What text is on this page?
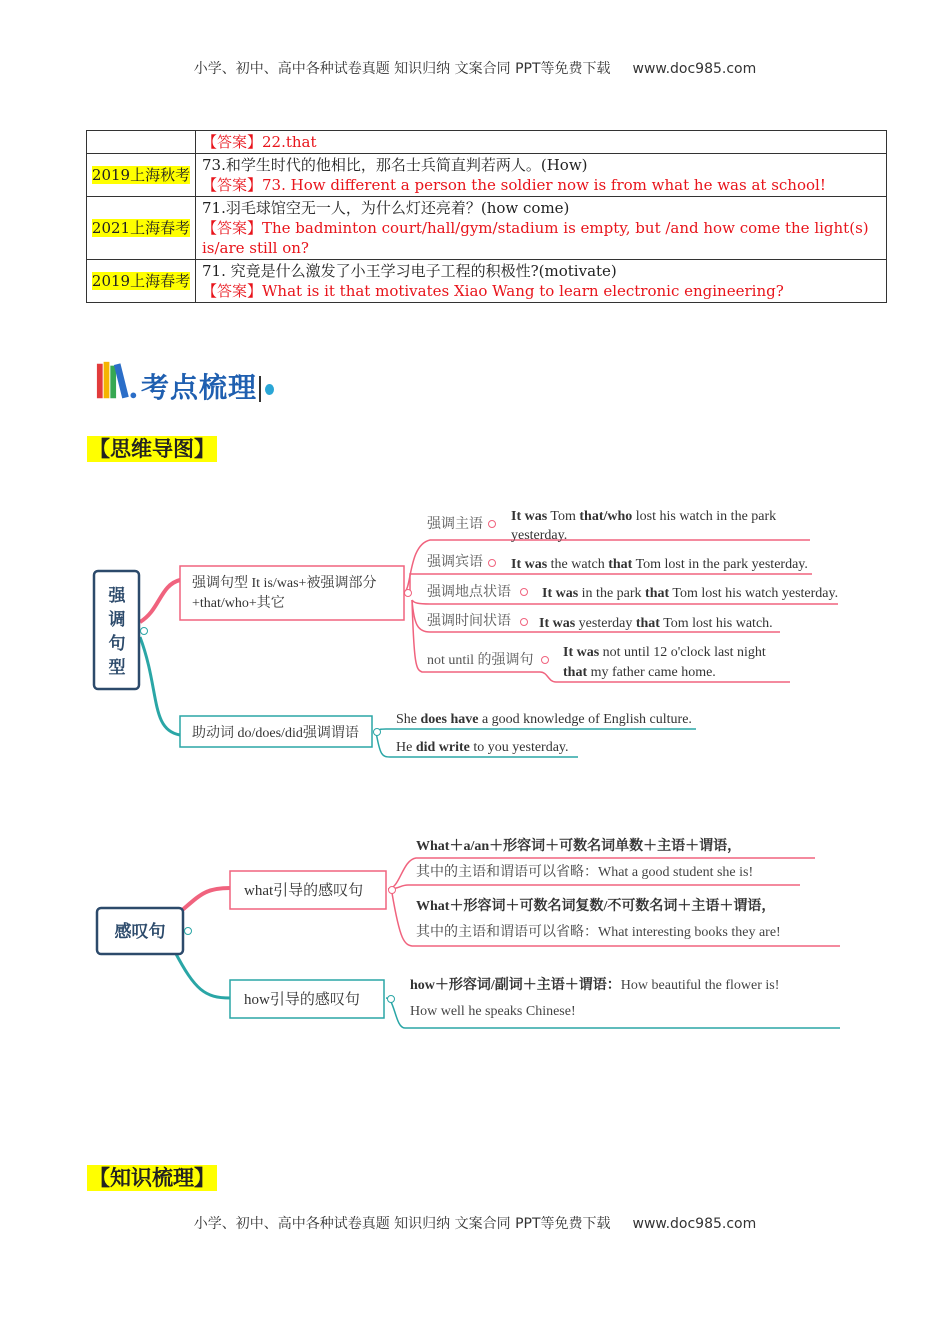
小学、初中、高中各种试卷真题 知识归纳 文案合同 PPT等免费下载 www.doc985.com

	【答案】22.that

2019上海秋考	73.和学生时代的他相比，那名士兵简直判若两人。(How)
【答案】73. How different a person the soldier now is from what he was at school!

2021上海春考	71.羽毛球馆空无一人，为什么灯还亮着？(how come)
【答案】The badminton court/hall/gym/stadium is empty, but /and how come the light(s) is/are still on?

2019上海春考	71. 究竟是什么激发了小王学习电子工程的积极性?(motivate)
【答案】What is it that motivates Xiao Wang to learn electronic engineering?
考点梳理
【思维导图】
强
调
句
型
强调句型 It is/was+被强调部分
+that/who+其它
强调主语
强调宾语
强调地点状语
强调时间状语
not until 的强调句
It was Tom that/who lost his watch in the park
yesterday.
It was the watch that Tom lost in the park yesterday.
It was in the park that Tom lost his watch yesterday.
It was yesterday that Tom lost his watch.
It was not until 12 o'clock last night
that my father came home.
助动词 do/does/did强调谓语
She does have a good knowledge of English culture.
He did write to you yesterday.
感叹句
what引导的感叹句
how引导的感叹句
What＋a/an＋形容词＋可数名词单数＋主语＋谓语，
其中的主语和谓语可以省略：What a good student she is!
What＋形容词＋可数名词复数/不可数名词＋主语＋谓语，
其中的主语和谓语可以省略：What interesting books they are!
how＋形容词/副词＋主语＋谓语：How beautiful the flower is!
How well he speaks Chinese!
【知识梳理】
小学、初中、高中各种试卷真题 知识归纳 文案合同 PPT等免费下载 www.doc985.com
